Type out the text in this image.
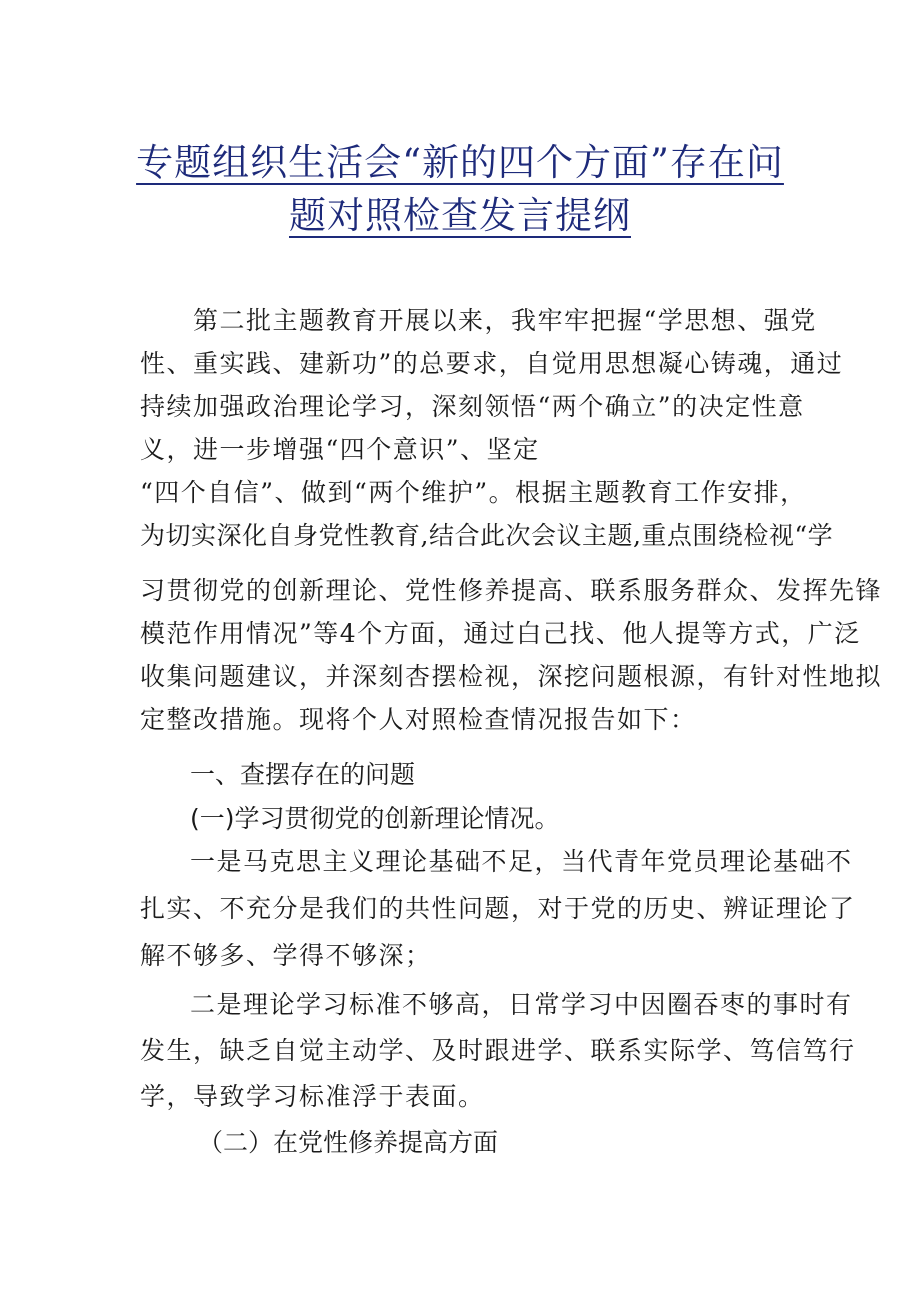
专题组织生活会“新的四个方面”存在问
题对照检查发言提纲
第二批主题教育开展以来，我牢牢把握“学思想、强党
性、重实践、建新功”的总要求，自觉用思想凝心铸魂，通过
持续加强政治理论学习，深刻领悟“两个确立”的决定性意
义，进一步增强“四个意识”、坚定
“四个自信”、做到“两个维护”。根据主题教育工作安排，
为切实深化自身党性教育,结合此次会议主题,重点围绕检视“学
习贯彻党的创新理论、党性修养提高、联系服务群众、发挥先锋
模范作用情况”等4个方面，通过白己找、他人提等方式，广泛
收集问题建议，并深刻杏摆检视，深挖问题根源，有针对性地拟
定整改措施。现将个人对照检查情况报告如下：
一、查摆存在的问题
(一)学习贯彻党的创新理论情况。
一是马克思主义理论基础不足，当代青年党员理论基础不
扎实、不充分是我们的共性问题，对于党的历史、辨证理论了
解不够多、学得不够深；
二是理论学习标准不够高，日常学习中因圈吞枣的事时有
发生，缺乏自觉主动学、及时跟进学、联系实际学、笃信笃行
学，导致学习标准浮于表面。
（二）在党性修养提高方面
